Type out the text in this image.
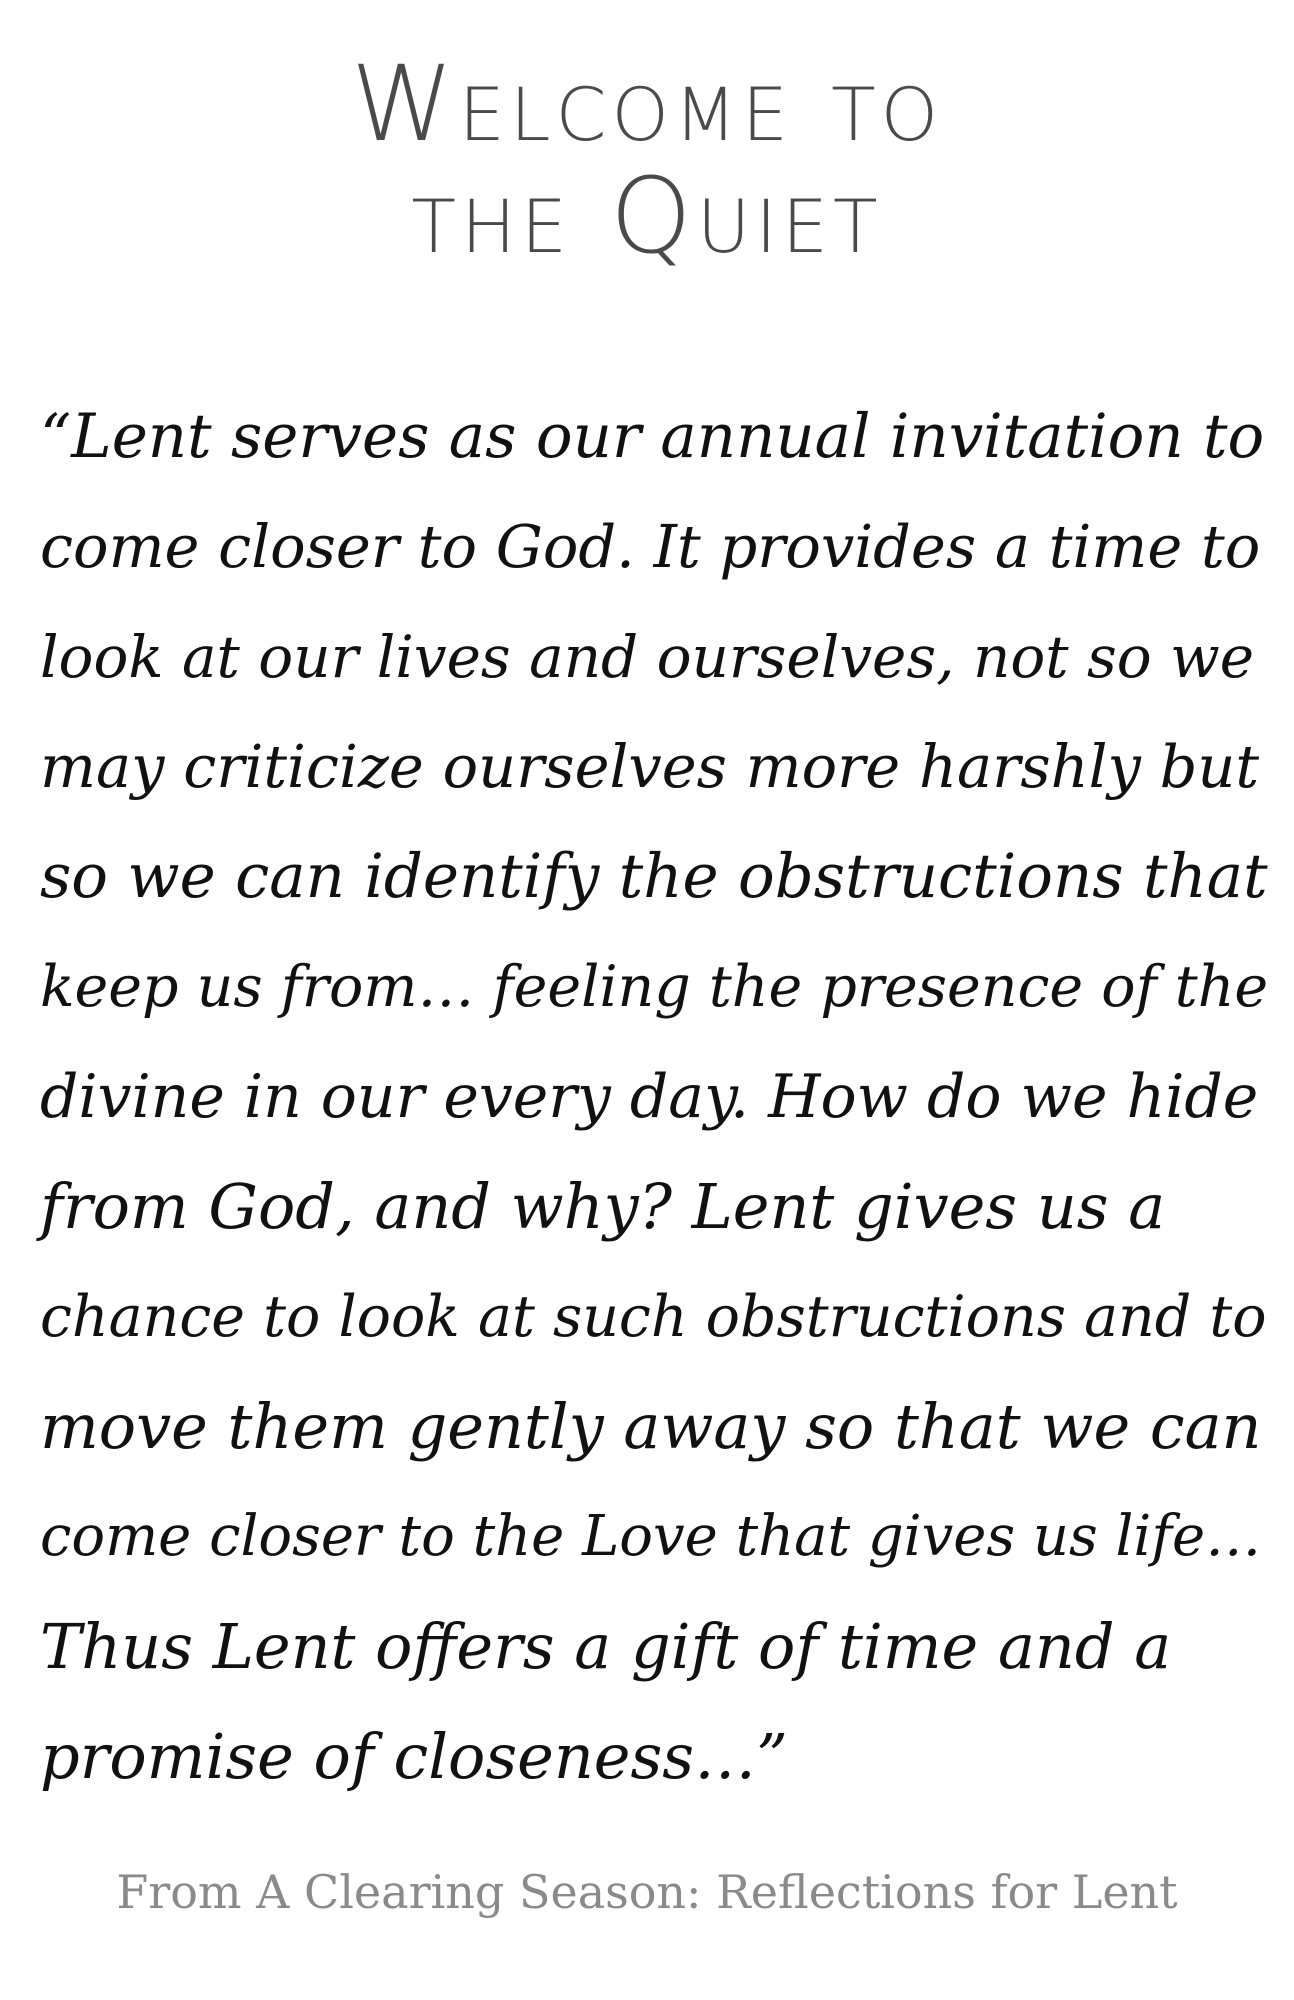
Welcome to
the Quiet
“Lent serves as our annual invitation to
come closer to God. It provides a time to
look at our lives and ourselves, not so we
may criticize ourselves more harshly but
so we can identify the obstructions that
keep us from… feeling the presence of the
divine in our every day. How do we hide
from God, and why? Lent gives us a
chance to look at such obstructions and to
move them gently away so that we can
come closer to the Love that gives us life…
Thus Lent offers a gift of time and a
promise of closeness…”

From A Clearing Season: Reflections for Lent
